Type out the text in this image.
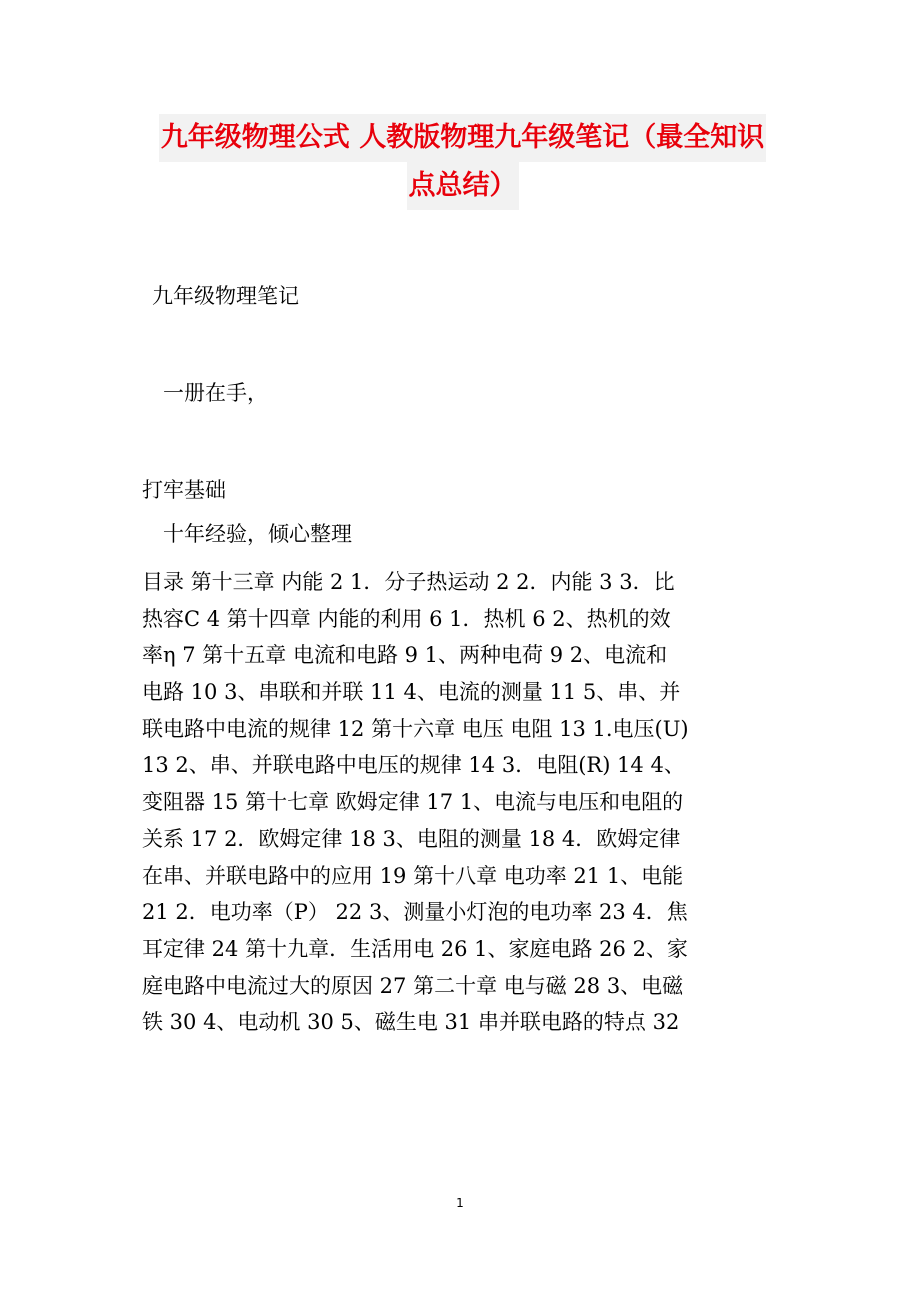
九年级物理公式 人教版物理九年级笔记（最全知识
点总结）
九年级物理笔记
一册在手，
打牢基础
十年经验，倾心整理
目录 第十三章 内能 2 1．分子热运动 2 2．内能 3 3．比
热容C 4 第十四章 内能的利用 6 1．热机 6 2、热机的效
率η 7 第十五章 电流和电路 9 1、两种电荷 9 2、电流和
电路 10 3、串联和并联 11 4、电流的测量 11 5、串、并
联电路中电流的规律 12 第十六章 电压 电阻 13 1.电压(U)
13 2、串、并联电路中电压的规律 14 3．电阻(R) 14 4、
变阻器 15 第十七章 欧姆定律 17 1、电流与电压和电阻的
关系 17 2．欧姆定律 18 3、电阻的测量 18 4．欧姆定律
在串、并联电路中的应用 19 第十八章 电功率 21 1、电能
21 2．电功率（P） 22 3、测量小灯泡的电功率 23 4．焦
耳定律 24 第十九章．生活用电 26 1、家庭电路 26 2、家
庭电路中电流过大的原因 27 第二十章 电与磁 28 3、电磁
铁 30 4、电动机 30 5、磁生电 31 串并联电路的特点 32
1
